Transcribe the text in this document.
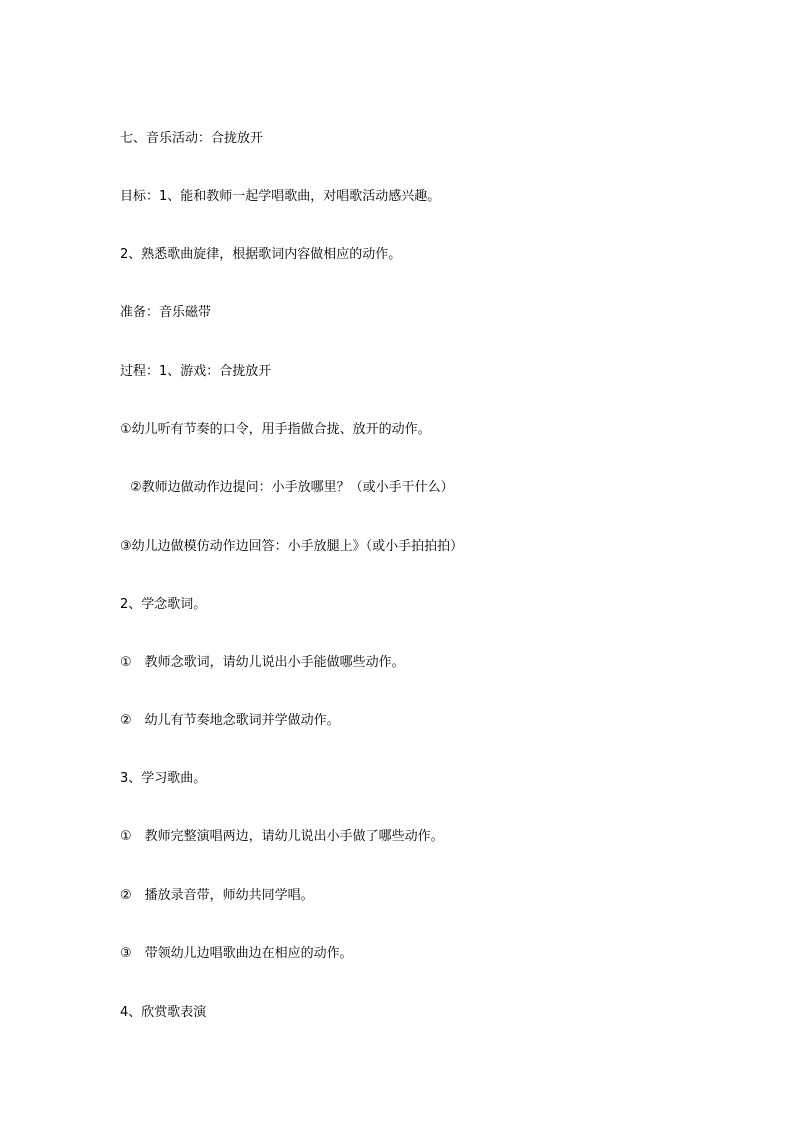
七、音乐活动：合拢放开
目标：1、能和教师一起学唱歌曲，对唱歌活动感兴趣。
2、熟悉歌曲旋律，根据歌词内容做相应的动作。
准备：音乐磁带
过程：1、游戏：合拢放开
①幼儿听有节奏的口令，用手指做合拢、放开的动作。
②教师边做动作边提问：小手放哪里？（或小手干什么）
③幼儿边做模仿动作边回答：小手放腿上》（或小手拍拍拍）
2、学念歌词。
①　教师念歌词，请幼儿说出小手能做哪些动作。
②　幼儿有节奏地念歌词并学做动作。
3、学习歌曲。
①　教师完整演唱两边，请幼儿说出小手做了哪些动作。
②　播放录音带，师幼共同学唱。
③　带领幼儿边唱歌曲边在相应的动作。
4、欣赏歌表演
